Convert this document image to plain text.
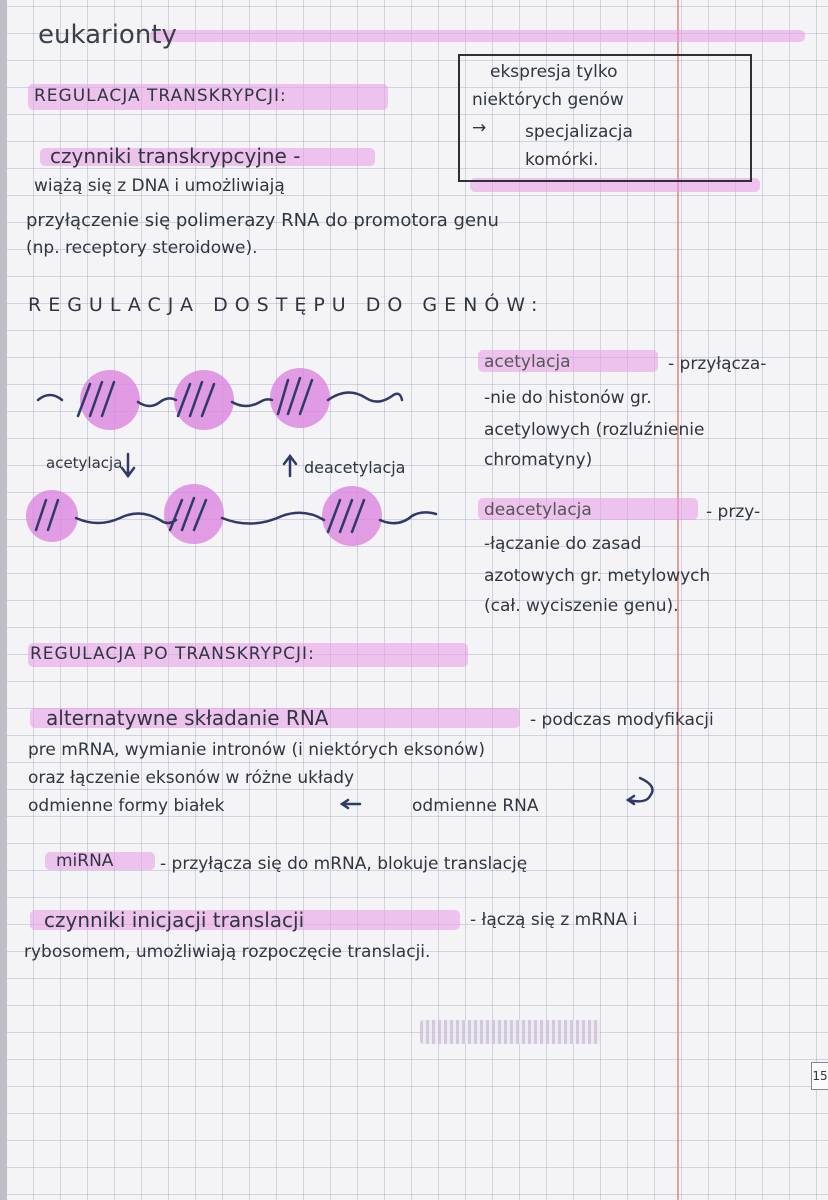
eukarionty
REGULACJA TRANSKRYPCJI:
czynniki transkrypcyjne -
wiążą się z DNA i umożliwiają
przyłączenie się polimerazy RNA do promotora genu
(np. receptory steroidowe).
ekspresja tylko
niektórych genów
→ specjalizacja
komórki.
REGULACJA DOSTĘPU DO GENÓW:
acetylacja	deacetylacja
acetylacja	- przyłącza-
-nie do histonów gr.
acetylowych (rozluźnienie
chromatyny)
deacetylacja	- przy-
-łączanie do zasad
azotowych gr. metylowych
(cał. wyciszenie genu).
REGULACJA PO TRANSKRYPCJI:
alternatywne składanie RNA	- podczas modyfikacji
pre mRNA, wymianie intronów (i niektórych eksonów)
oraz łączenie eksonów w różne układy
odmienne formy białek	odmienne RNA
miRNA	- przyłącza się do mRNA, blokuje translację
czynniki inicjacji translacji	- łączą się z mRNA i
rybosomem, umożliwiają rozpoczęcie translacji.
15
